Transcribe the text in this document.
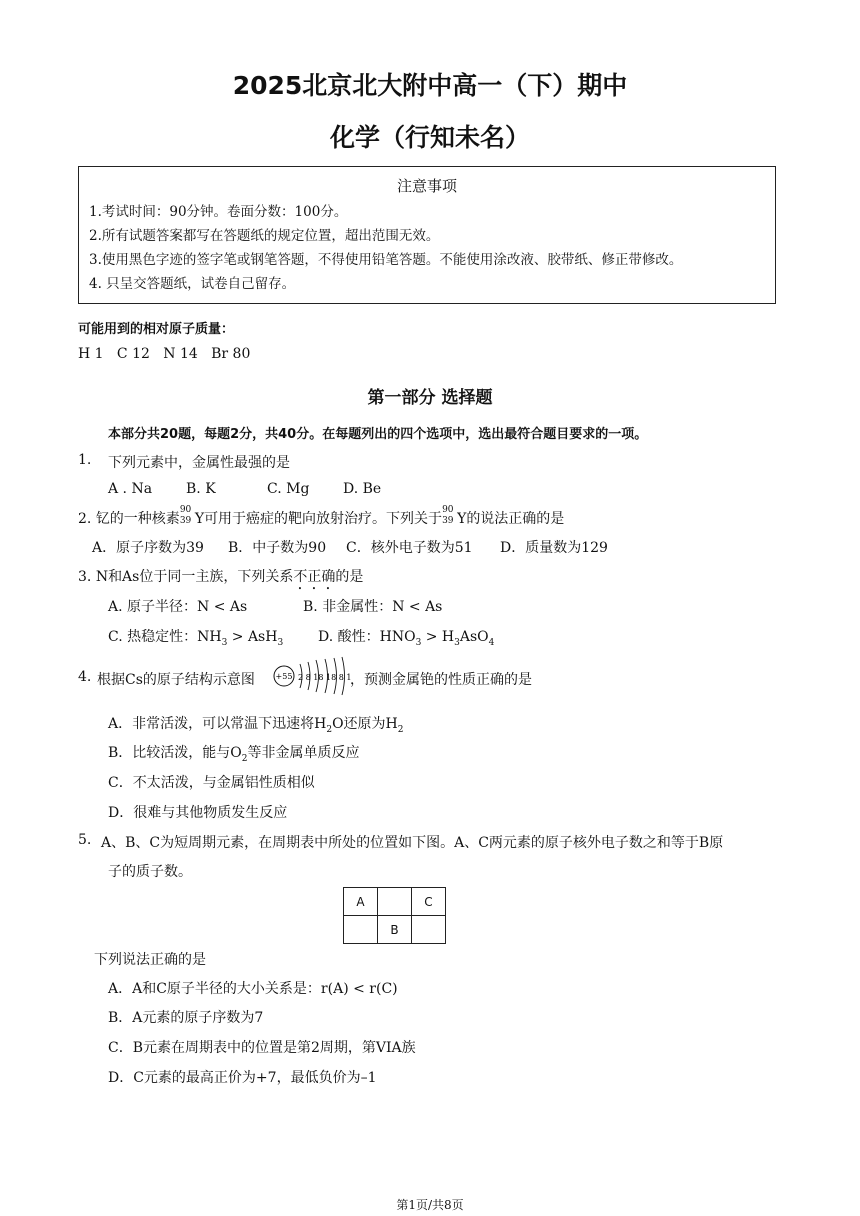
2025北京北大附中高一（下）期中
化学（行知未名）
注意事项
1.考试时间：90分钟。卷面分数：100分。
2.所有试题答案都写在答题纸的规定位置，超出范围无效。
3.使用黑色字迹的签字笔或钢笔答题，不得使用铅笔答题。不能使用涂改液、胶带纸、修正带修改。
4. 只呈交答题纸，试卷自己留存。
可能用到的相对原子质量：
H 1   C 12   N 14   Br 80
第一部分 选择题
本部分共20题，每题2分，共40分。在每题列出的四个选项中，选出最符合题目要求的一项。
1. 下列元素中，金属性最强的是
A . Na B. K	C. Mg D. Be
2. 钇的一种核素
90
39 Y可用于癌症的靶向放射治疗。下列关于
90
39 Y的说法正确的是
A．原子序数为39 B．中子数为90 C．核外电子数为51 D．质量数为129
3. N和As位于同一主族，下列关系不正确的是
A. 原子半径：N < As	B. 非金属性：N < As
C. 热稳定性：$NH_3 > AsH_3$ D. 酸性：$HNO_3 > H_3AsO_4$
4. 根据Cs的原子结构示意图	+55 2 8 18 18 8 1
，预测金属铯的性质正确的是
A．非常活泼，可以常温下迅速将$H_2O$还原为$H_2$
B．比较活泼，能与$O_2$等非金属单质反应
C．不太活泼，与金属铝性质相似
D．很难与其他物质发生反应
5. A、B、C为短周期元素，在周期表中所处的位置如下图。A、C两元素的原子核外电子数之和等于B原
子的质子数。
A		C
	B	
下列说法正确的是
A．A和C原子半径的大小关系是：r(A) < r(C)
B．A元素的原子序数为7
C．B元素在周期表中的位置是第2周期，第VIA族
D．C元素的最高正价为+7，最低负价为–1
第1页/共8页
